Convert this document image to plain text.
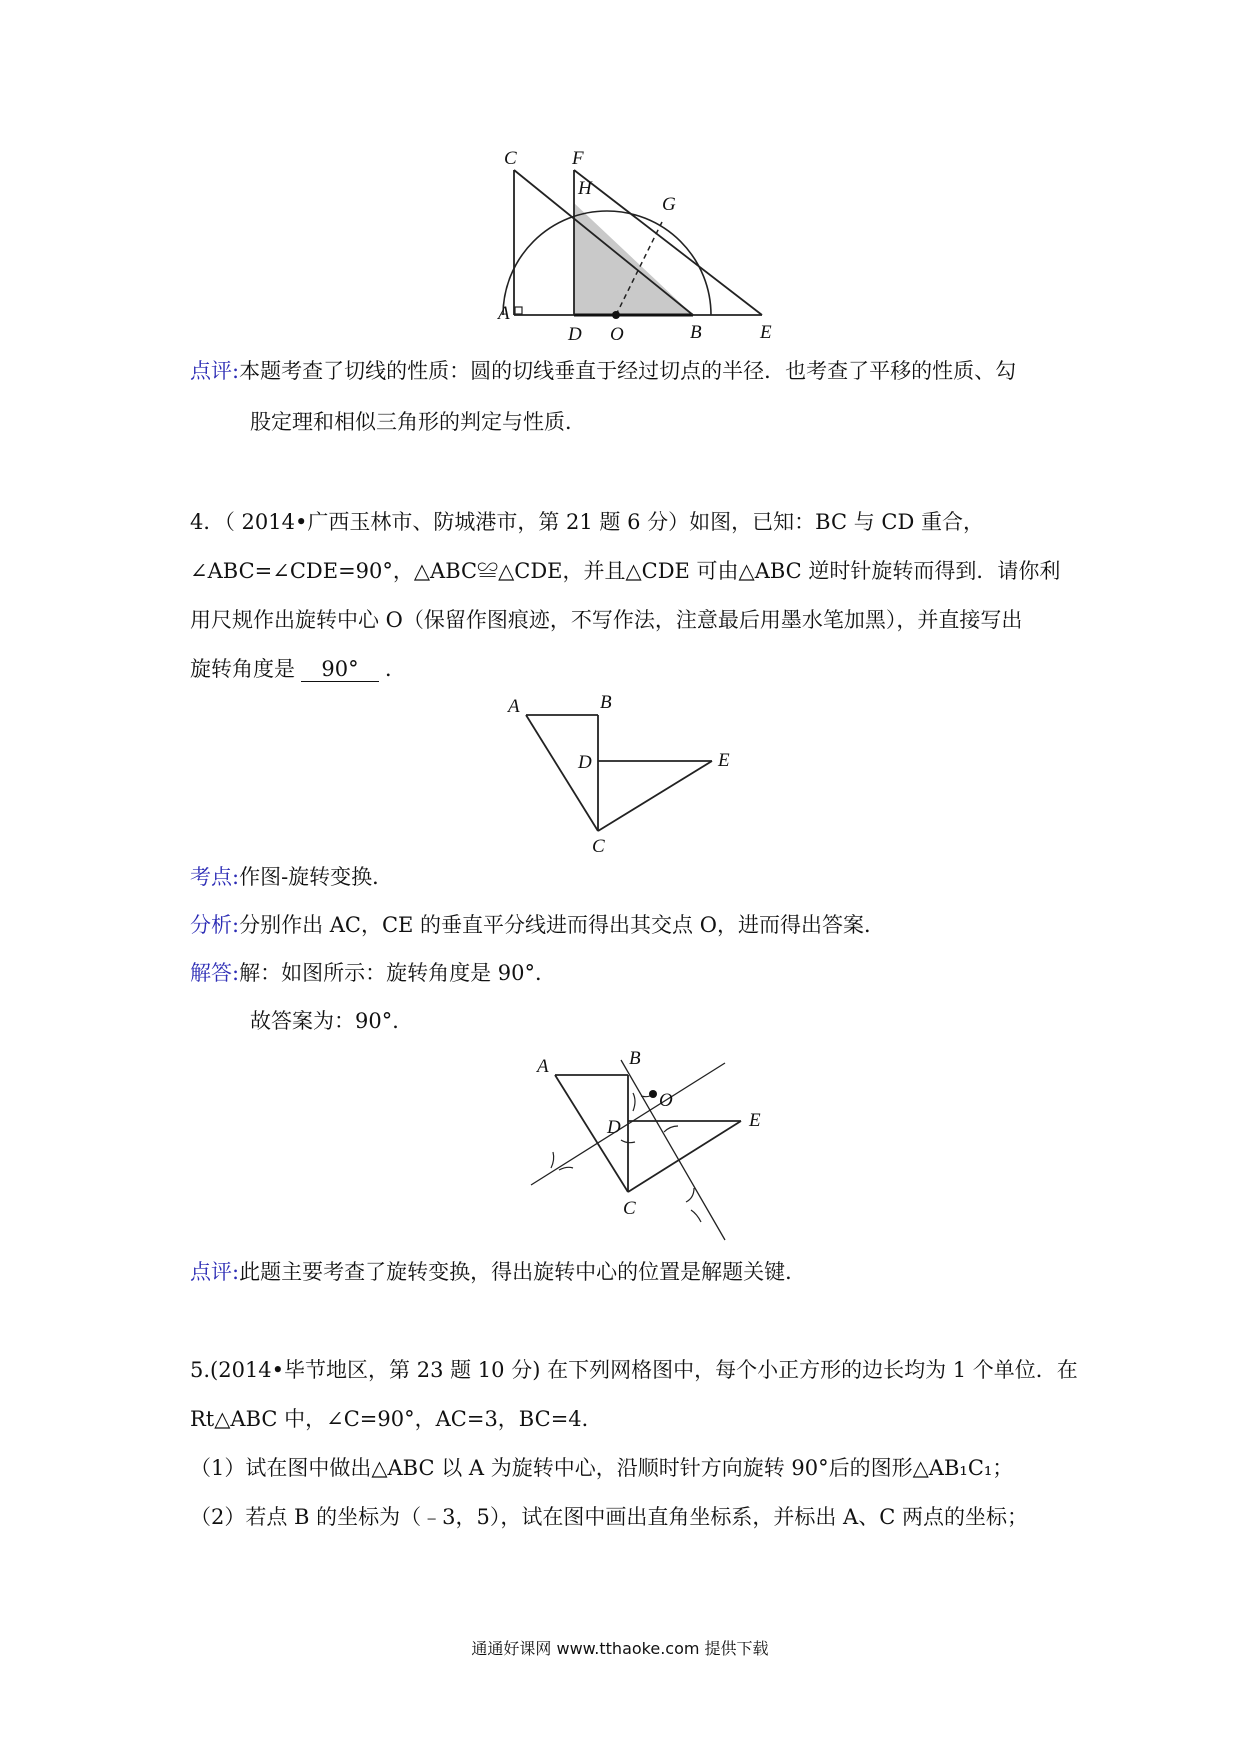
C	F
H
G
A
D O	B	E
点评:本题考查了切线的性质：圆的切线垂直于经过切点的半径．也考查了平移的性质、勾
股定理和相似三角形的判定与性质．
4．（ 2014•广西玉林市、防城港市，第 21 题 6 分）如图，已知：BC 与 CD 重合，
∠ABC=∠CDE=90°，△ABC≌△CDE，并且△CDE 可由△ABC 逆时针旋转而得到．请你利
用尺规作出旋转中心 O（保留作图痕迹，不写作法，注意最后用墨水笔加黑），并直接写出
旋转角度是 90° ．
A	B
D	E
C
考点:作图-旋转变换．
分析:分别作出 AC，CE 的垂直平分线进而得出其交点 O，进而得出答案．
解答:解：如图所示：旋转角度是 90°．
故答案为：90°．
A	B
O
D	E
C
点评:此题主要考查了旋转变换，得出旋转中心的位置是解题关键．
5.(2014•毕节地区，第 23 题 10 分) 在下列网格图中，每个小正方形的边长均为 1 个单位．在
Rt△ABC 中，∠C=90°，AC=3，BC=4．
（1）试在图中做出△ABC 以 A 为旋转中心，沿顺时针方向旋转 90°后的图形△AB₁C₁；
（2）若点 B 的坐标为（﹣3，5），试在图中画出直角坐标系，并标出 A、C 两点的坐标；
通通好课网 www.tthaoke.com 提供下载
